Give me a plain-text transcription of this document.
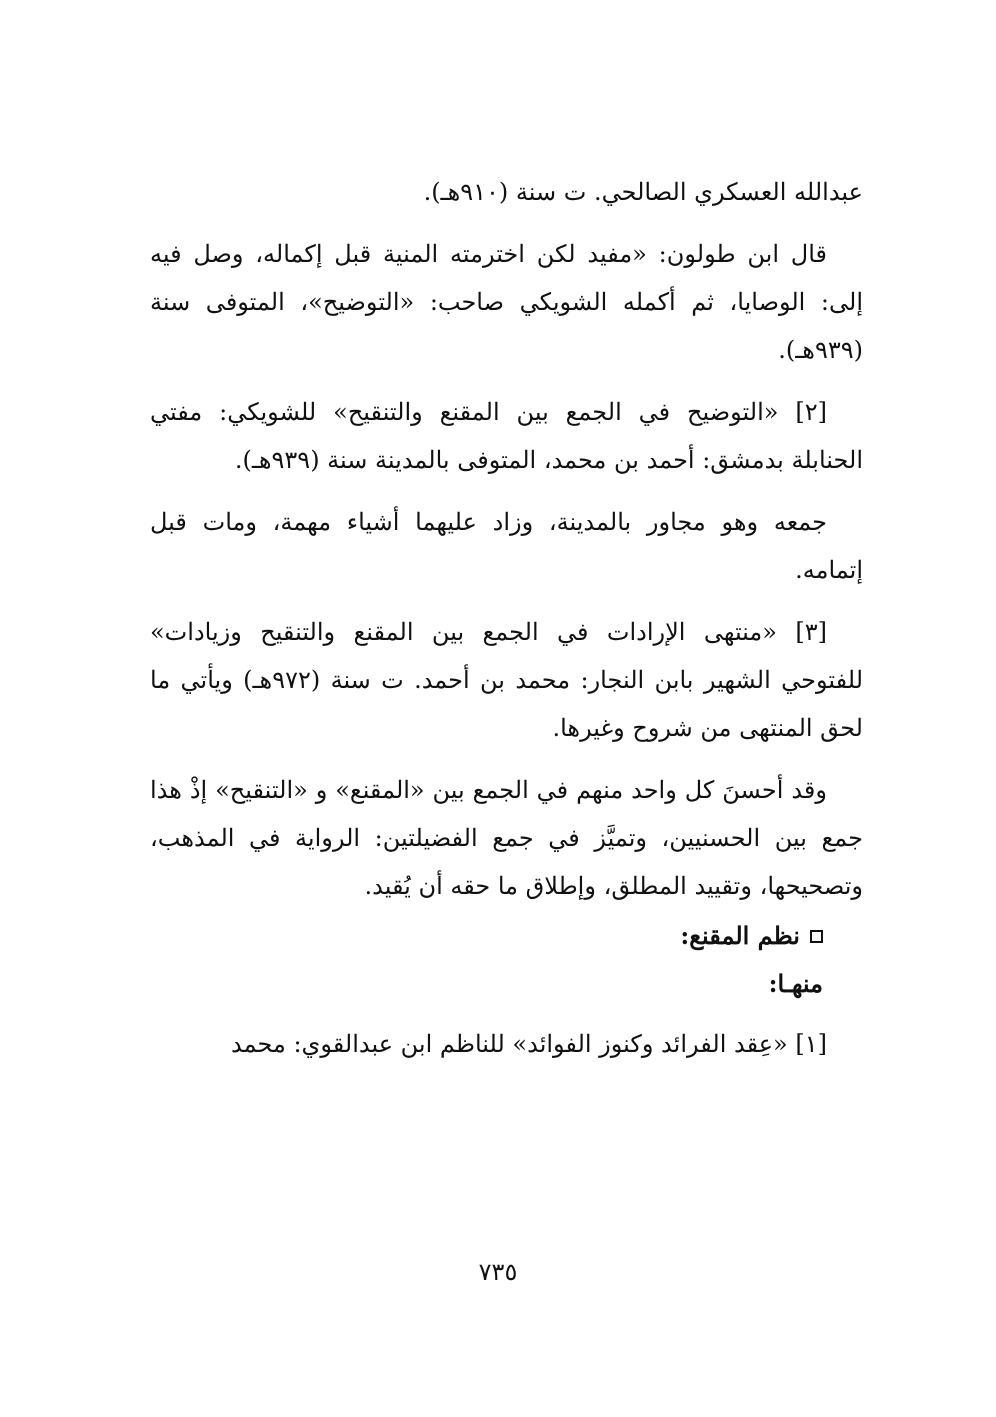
عبدالله العسكري الصالحي. ت سنة (٩١٠هـ).

قال ابن طولون: «مفيد لكن اخترمته المنية قبل إكماله، وصل فيه إلى: الوصايا، ثم أكمله الشويكي صاحب: «التوضيح»، المتوفى سنة (٩٣٩هـ).

[٢] «التوضيح في الجمع بين المقنع والتنقيح» للشويكي: مفتي الحنابلة بدمشق: أحمد بن محمد، المتوفى بالمدينة سنة (٩٣٩هـ).

جمعه وهو مجاور بالمدينة، وزاد عليهما أشياء مهمة، ومات قبل إتمامه.

[٣] «منتهى الإرادات في الجمع بين المقنع والتنقيح وزيادات» للفتوحي الشهير بابن النجار: محمد بن أحمد. ت سنة (٩٧٢هـ) ويأتي ما لحق المنتهى من شروح وغيرها.

وقد أحسنَ كل واحد منهم في الجمع بين «المقنع» و «التنقيح» إذْ هذا جمع بين الحسنيين، وتميَّز في جمع الفضيلتين: الرواية في المذهب، وتصحيحها، وتقييد المطلق، وإطلاق ما حقه أن يُقيد.

نظم المقنع:

منهـا:

[١] «عِقد الفرائد وكنوز الفوائد» للناظم ابن عبدالقوي: محمد

٧٣٥
